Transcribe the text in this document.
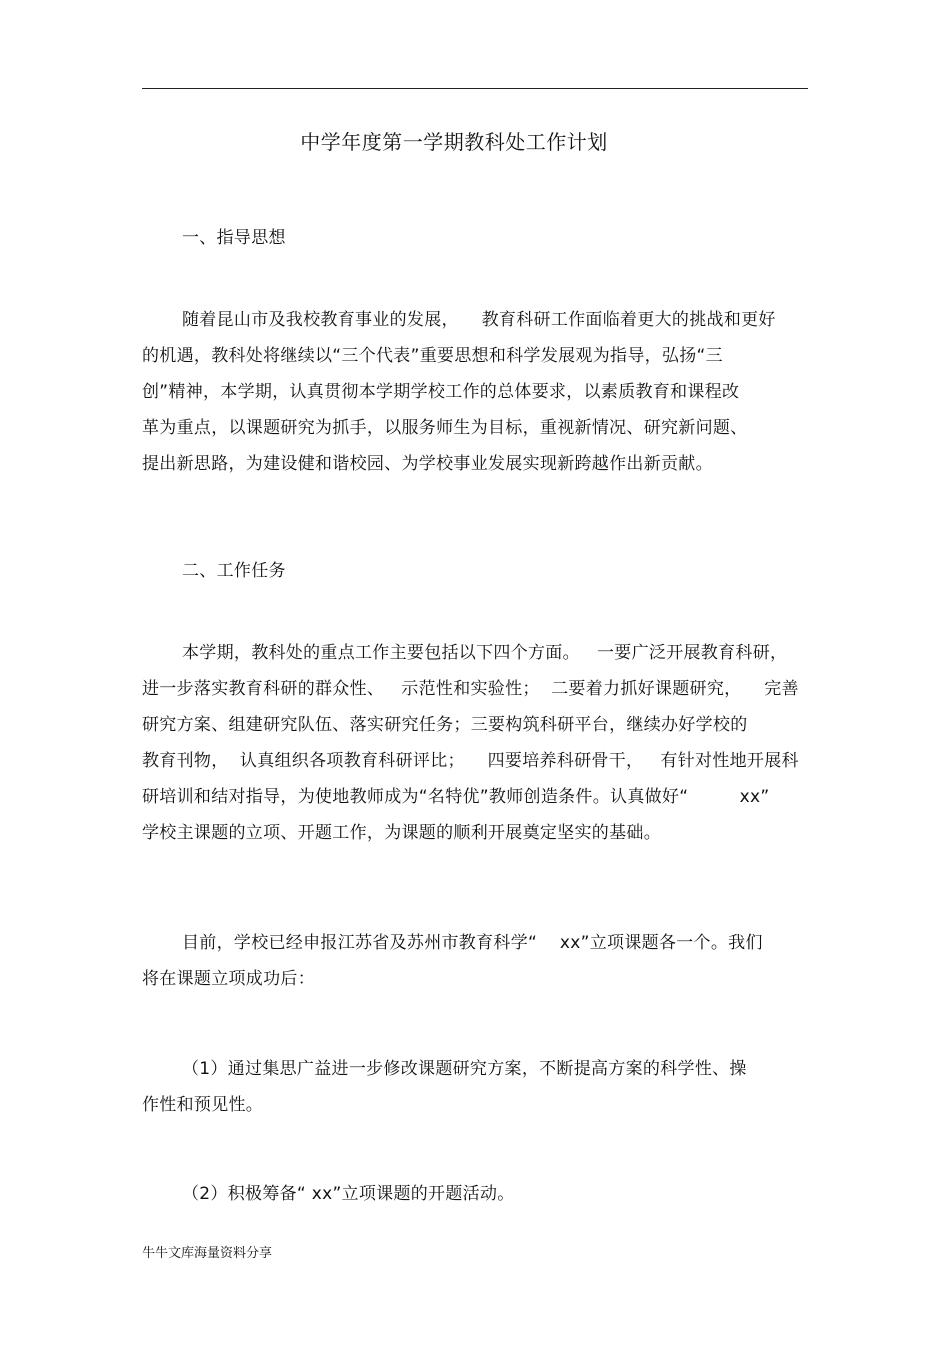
中学年度第一学期教科处工作计划
一、指导思想
随着昆山市及我校教育事业的发展，    教育科研工作面临着更大的挑战和更好
的机遇，教科处将继续以“三个代表”重要思想和科学发展观为指导，弘扬“三
创”精神，本学期，认真贯彻本学期学校工作的总体要求，以素质教育和课程改
革为重点，以课题研究为抓手，以服务师生为目标，重视新情况、研究新问题、
提出新思路，为建设健和谐校园、为学校事业发展实现新跨越作出新贡献。
二、工作任务
本学期，教科处的重点工作主要包括以下四个方面。   一要广泛开展教育科研，
进一步落实教育科研的群众性、   示范性和实验性；  二要着力抓好课题研究，    完善
研究方案、组建研究队伍、落实研究任务；三要构筑科研平台，继续办好学校的
教育刊物，  认真组织各项教育科研评比；    四要培养科研骨干，   有针对性地开展科
研培训和结对指导，为使地教师成为“名特优”教师创造条件。认真做好“         xx”
学校主课题的立项、开题工作，为课题的顺利开展奠定坚实的基础。
目前，学校已经申报江苏省及苏州市教育科学“    xx”立项课题各一个。我们
将在课题立项成功后：
（1）通过集思广益进一步修改课题研究方案，不断提高方案的科学性、操
作性和预见性。
（2）积极筹备“ xx”立项课题的开题活动。
牛牛文库海量资料分享
